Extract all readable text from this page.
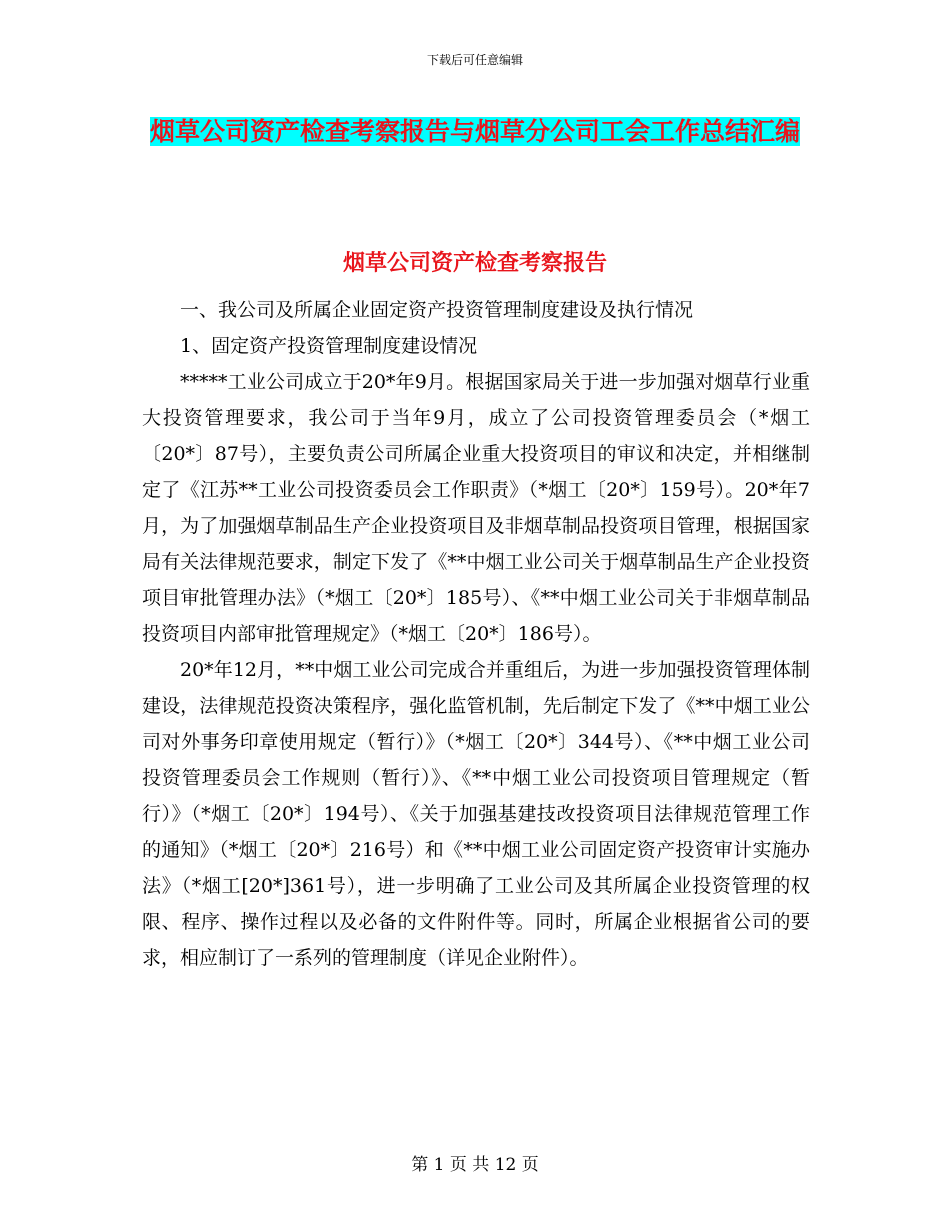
下载后可任意编辑
烟草公司资产检查考察报告与烟草分公司工会工作总结汇编
烟草公司资产检查考察报告

一、我公司及所属企业固定资产投资管理制度建设及执行情况

1、固定资产投资管理制度建设情况

*****工业公司成立于20*年9月。根据国家局关于进一步加强对烟草行业重大投资管理要求，我公司于当年9月，成立了公司投资管理委员会（*烟工〔20*〕87号），主要负责公司所属企业重大投资项目的审议和决定，并相继制定了《江苏**工业公司投资委员会工作职责》（*烟工〔20*〕159号）。20*年7月，为了加强烟草制品生产企业投资项目及非烟草制品投资项目管理，根据国家局有关法律规范要求，制定下发了《**中烟工业公司关于烟草制品生产企业投资项目审批管理办法》（*烟工〔20*〕185号）、《**中烟工业公司关于非烟草制品投资项目内部审批管理规定》（*烟工〔20*〕186号）。

20*年12月，**中烟工业公司完成合并重组后，为进一步加强投资管理体制建设，法律规范投资决策程序，强化监管机制，先后制定下发了《**中烟工业公司对外事务印章使用规定（暂行）》（*烟工〔20*〕344号）、《**中烟工业公司投资管理委员会工作规则（暂行）》、《**中烟工业公司投资项目管理规定（暂行）》（*烟工〔20*〕194号）、《关于加强基建技改投资项目法律规范管理工作的通知》（*烟工〔20*〕216号）和《**中烟工业公司固定资产投资审计实施办法》（*烟工[20*]361号），进一步明确了工业公司及其所属企业投资管理的权限、程序、操作过程以及必备的文件附件等。同时，所属企业根据省公司的要求，相应制订了一系列的管理制度（详见企业附件）。

第 1 页 共 12 页
